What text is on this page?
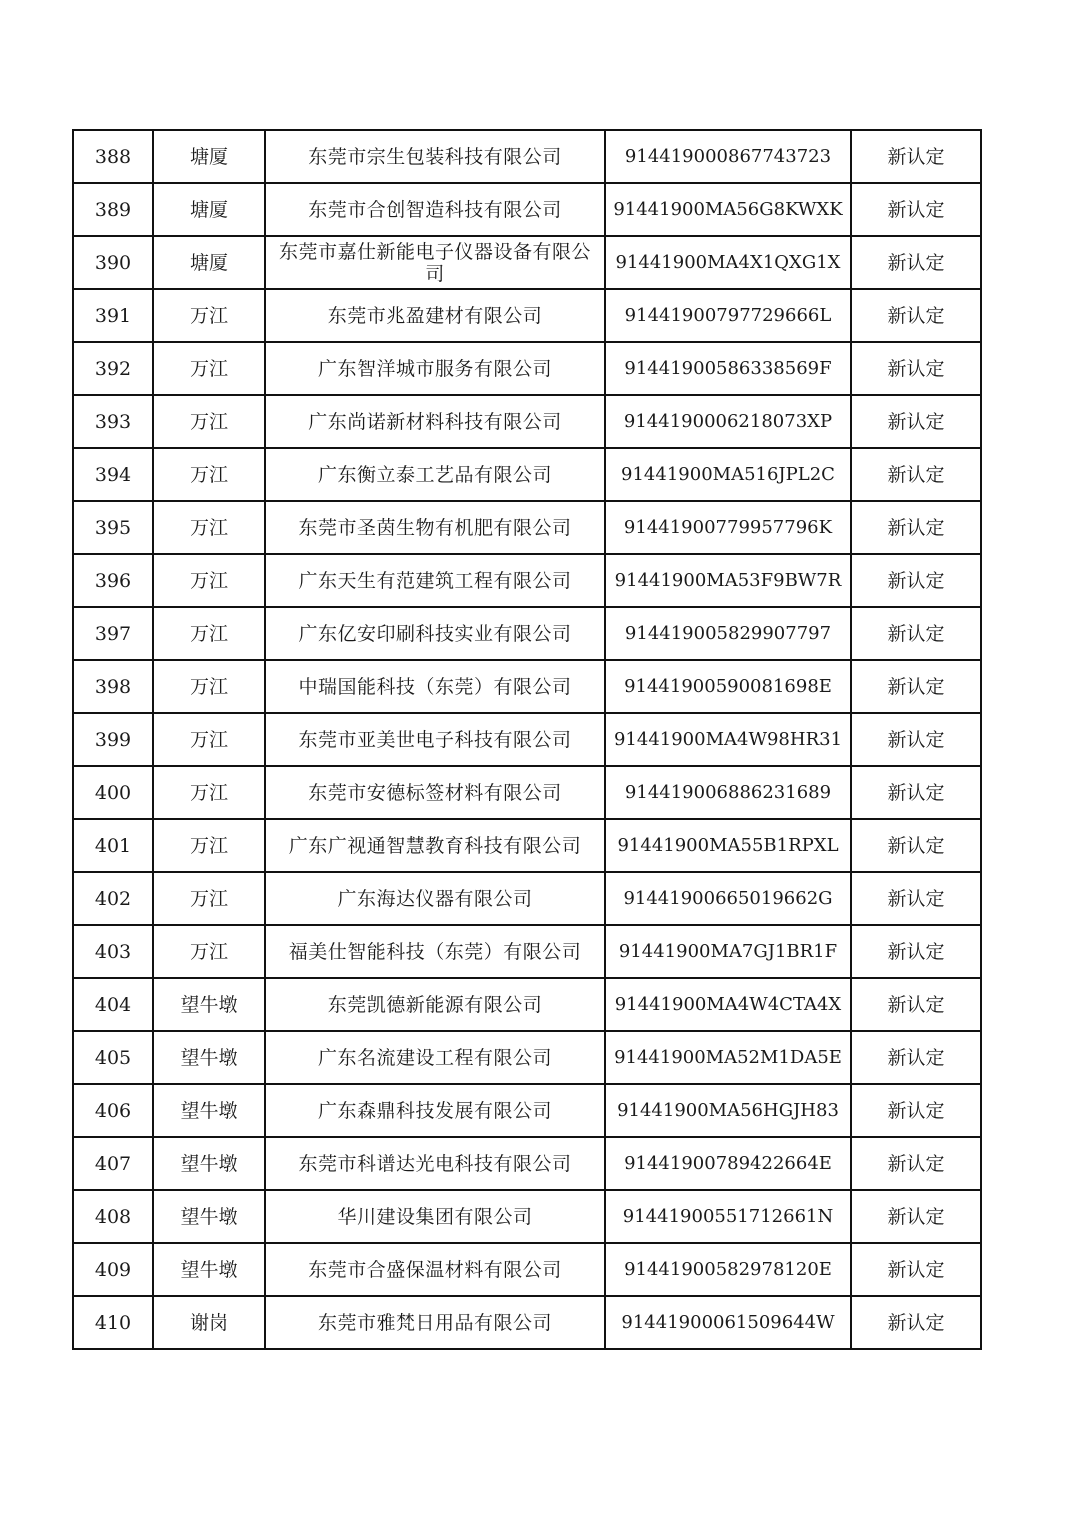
388	塘厦	东莞市宗生包装科技有限公司	914419000867743723	新认定
389	塘厦	东莞市合创智造科技有限公司	91441900MA56G8KWXK	新认定
390	塘厦	东莞市嘉仕新能电子仪器设备有限公司	91441900MA4X1QXG1X	新认定
391	万江	东莞市兆盈建材有限公司	91441900797729666L	新认定
392	万江	广东智洋城市服务有限公司	91441900586338569F	新认定
393	万江	广东尚诺新材料科技有限公司	9144190006218073XP	新认定
394	万江	广东衡立泰工艺品有限公司	91441900MA516JPL2C	新认定
395	万江	东莞市圣茵生物有机肥有限公司	91441900779957796K	新认定
396	万江	广东天生有范建筑工程有限公司	91441900MA53F9BW7R	新认定
397	万江	广东亿安印刷科技实业有限公司	914419005829907797	新认定
398	万江	中瑞国能科技（东莞）有限公司	91441900590081698E	新认定
399	万江	东莞市亚美世电子科技有限公司	91441900MA4W98HR31	新认定
400	万江	东莞市安德标签材料有限公司	914419006886231689	新认定
401	万江	广东广视通智慧教育科技有限公司	91441900MA55B1RPXL	新认定
402	万江	广东海达仪器有限公司	91441900665019662G	新认定
403	万江	福美仕智能科技（东莞）有限公司	91441900MA7GJ1BR1F	新认定
404	望牛墩	东莞凯德新能源有限公司	91441900MA4W4CTA4X	新认定
405	望牛墩	广东名流建设工程有限公司	91441900MA52M1DA5E	新认定
406	望牛墩	广东森鼎科技发展有限公司	91441900MA56HGJH83	新认定
407	望牛墩	东莞市科谱达光电科技有限公司	91441900789422664E	新认定
408	望牛墩	华川建设集团有限公司	91441900551712661N	新认定
409	望牛墩	东莞市合盛保温材料有限公司	91441900582978120E	新认定
410	谢岗	东莞市雅梵日用品有限公司	91441900061509644W	新认定
